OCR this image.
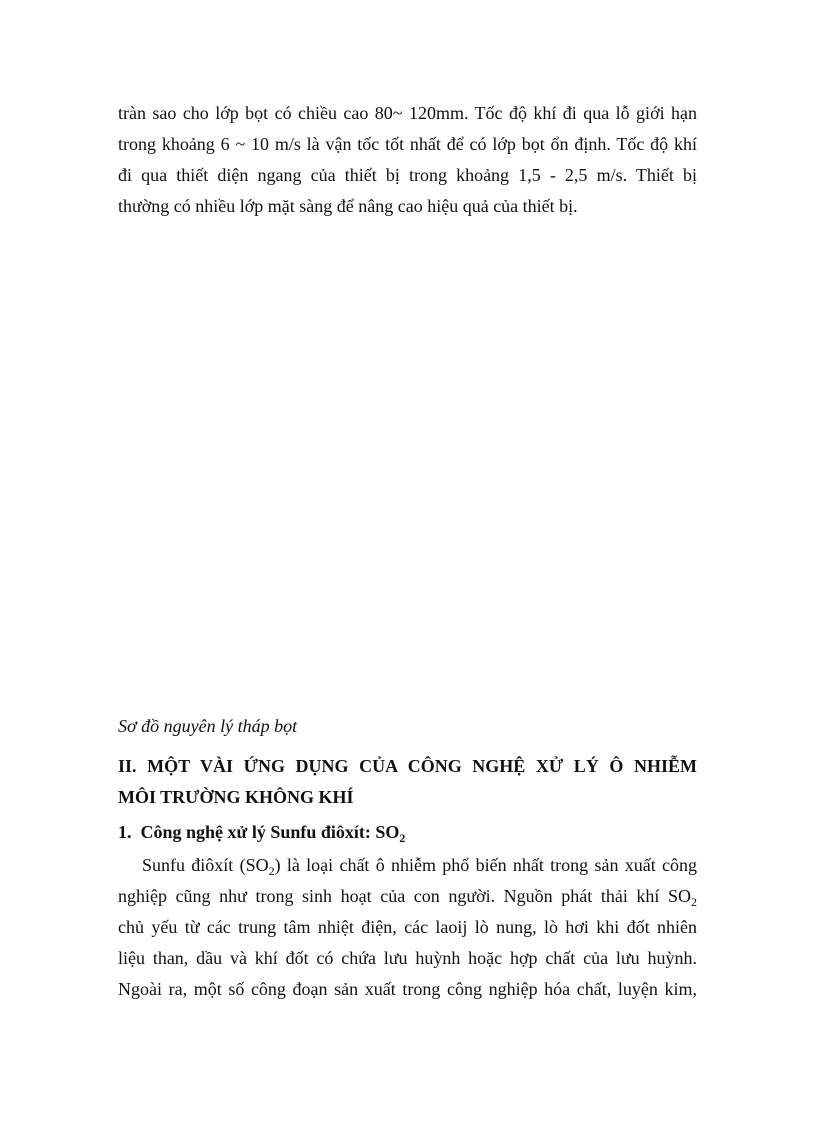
tràn sao cho lớp bọt có chiều cao 80~ 120mm. Tốc độ khí đi qua lỗ giới hạn
trong khoảng 6 ~ 10 m/s là vận tốc tốt nhất để có lớp bọt ổn định. Tốc độ khí
đi qua thiết diện ngang của thiết bị trong khoảng 1,5 - 2,5 m/s. Thiết bị
thường có nhiều lớp mặt sàng để nâng cao hiệu quả của thiết bị.

Sơ đồ nguyên lý tháp bọt

II. MỘT VÀI ỨNG DỤNG CỦA CÔNG NGHỆ XỬ LÝ Ô NHIỄM
MÔI TRƯỜNG KHÔNG KHÍ
1. Công nghệ xử lý Sunfu điôxít: $SO_2$
Sunfu điôxít $(SO_2)$ là loại chất ô nhiễm phổ biến nhất trong sản xuất công
nghiệp cũng như trong sinh hoạt của con người. Nguồn phát thải khí $SO_2$
chủ yếu từ các trung tâm nhiệt điện, các laoij lò nung, lò hơi khi đốt nhiên
liệu than, dầu và khí đốt có chứa lưu huỳnh hoặc hợp chất của lưu huỳnh.
Ngoài ra, một số công đoạn sản xuất trong công nghiệp hóa chất, luyện kim,
